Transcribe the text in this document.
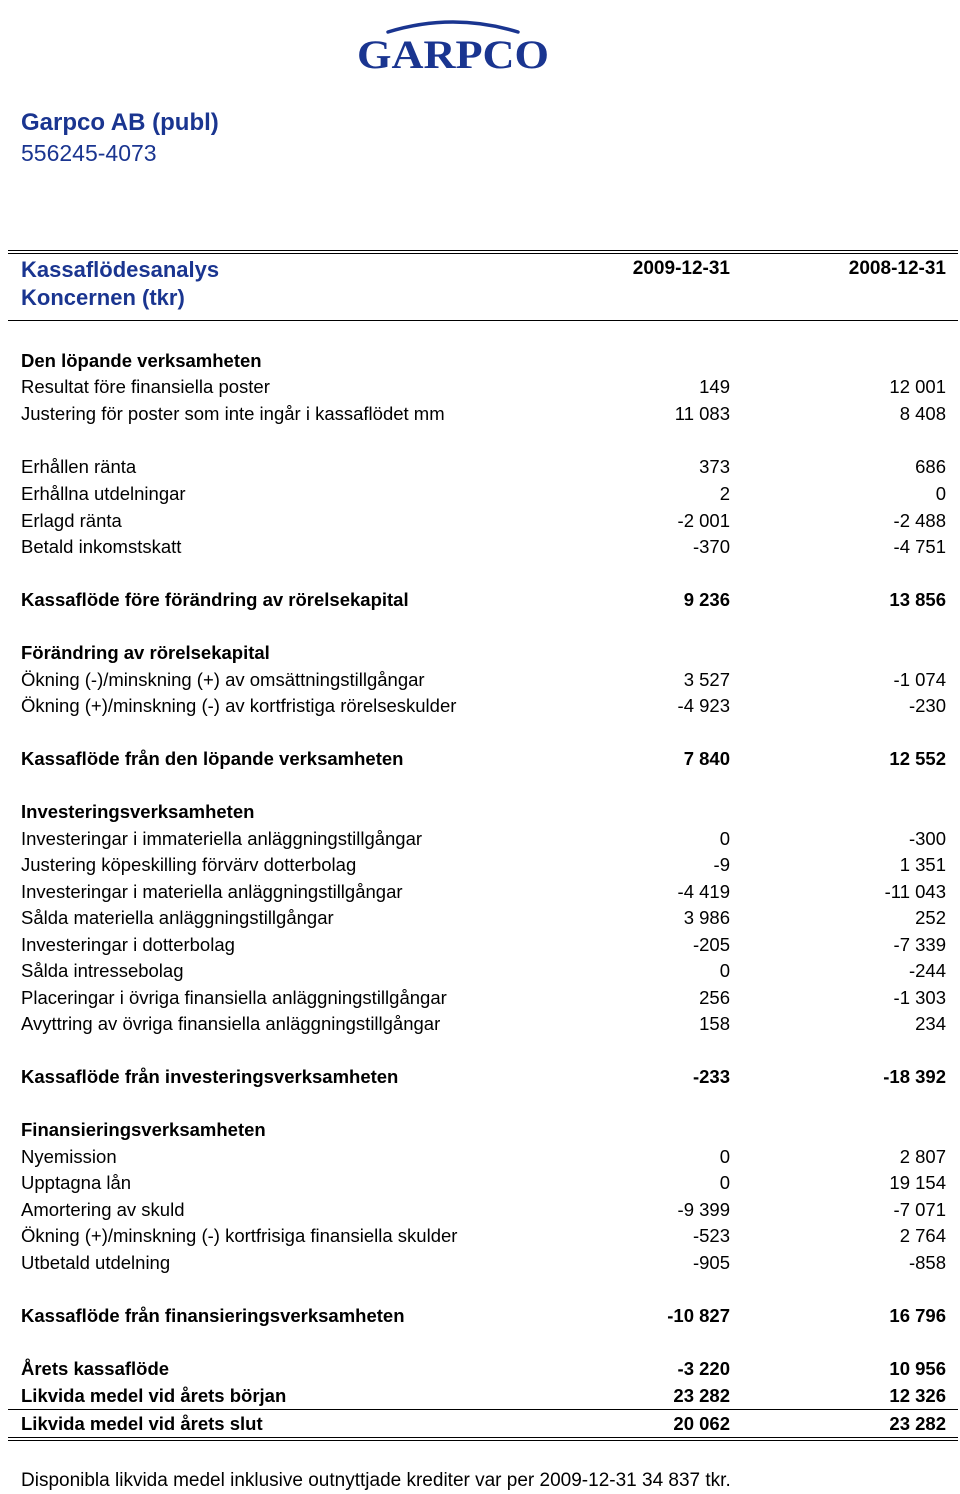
GARPCO
Garpco AB (publ)
556245-4073
Kassaflödesanalys
Koncernen (tkr)
2009-12-31	2008-12-31
Den löpande verksamheten
Resultat före finansiella poster	149	12 001
Justering för poster som inte ingår i kassaflödet mm	11 083	8 408
Erhållen ränta	373	686
Erhållna utdelningar	2	0
Erlagd ränta	-2 001	-2 488
Betald inkomstskatt	-370	-4 751
Kassaflöde före förändring av rörelsekapital	9 236	13 856
Förändring av rörelsekapital
Ökning (-)/minskning (+) av omsättningstillgångar	3 527	-1 074
Ökning (+)/minskning (-) av kortfristiga rörelseskulder	-4 923	-230
Kassaflöde från den löpande verksamheten	7 840	12 552
Investeringsverksamheten
Investeringar i immateriella anläggningstillgångar	0	-300
Justering köpeskilling förvärv dotterbolag	-9	1 351
Investeringar i materiella anläggningstillgångar	-4 419	-11 043
Sålda materiella anläggningstillgångar	3 986	252
Investeringar i dotterbolag	-205	-7 339
Sålda intressebolag	0	-244
Placeringar i övriga finansiella anläggningstillgångar	256	-1 303
Avyttring av övriga finansiella anläggningstillgångar	158	234
Kassaflöde från investeringsverksamheten	-233	-18 392
Finansieringsverksamheten
Nyemission	0	2 807
Upptagna lån	0	19 154
Amortering av skuld	-9 399	-7 071
Ökning (+)/minskning (-) kortfrisiga finansiella skulder	-523	2 764
Utbetald utdelning	-905	-858
Kassaflöde från finansieringsverksamheten	-10 827	16 796
Årets kassaflöde	-3 220	10 956
Likvida medel vid årets början	23 282	12 326
Likvida medel vid årets slut	20 062	23 282
Disponibla likvida medel inklusive outnyttjade krediter var per 2009-12-31 34 837 tkr.
